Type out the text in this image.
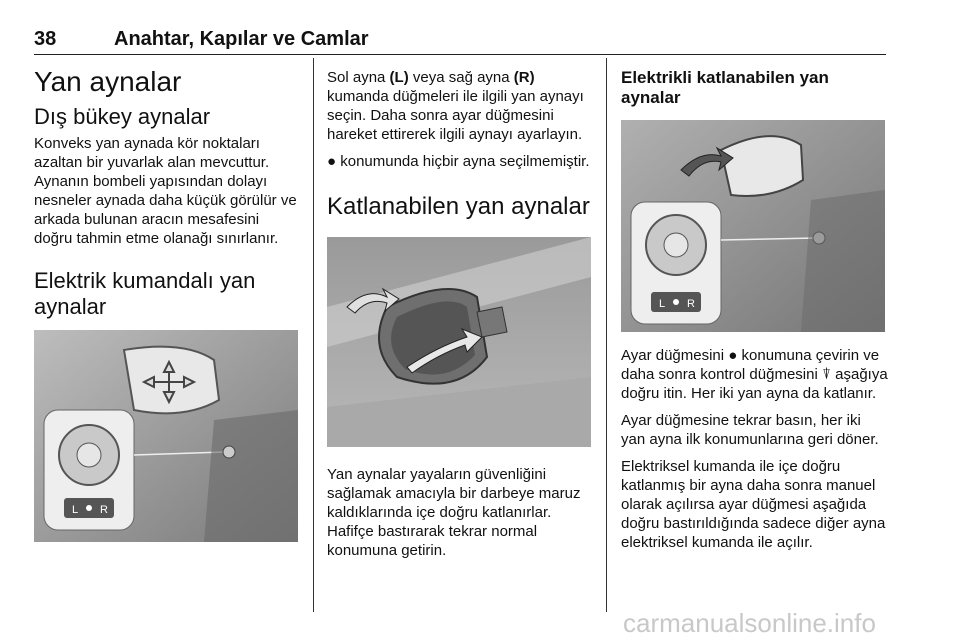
38	Anahtar, Kapılar ve Camlar
Yan aynalar
Dış bükey aynalar

Konveks yan aynada kör noktaları azaltan bir yuvarlak alan mevcuttur. Aynanın bombeli yapısından dolayı nesneler aynada daha küçük görülür ve arkada bulunan aracın mesafesini doğru tahmin etme olanağı sınırlanır.

Elektrik kumandalı yan aynalar
L R

Sol ayna (L) veya sağ ayna (R) kumanda düğmeleri ile ilgili yan aynayı seçin. Daha sonra ayar düğmesini hareket ettirerek ilgili aynayı ayarlayın.

● konumunda hiçbir ayna seçilmemiştir.

Katlanabilen yan aynalar

Yan aynalar yayaların güvenliğini sağlamak amacıyla bir darbeye maruz kaldıklarında içe doğru katlanırlar. Hafifçe bastırarak tekrar normal konumuna getirin.

Elektrikli katlanabilen yan aynalar
L R

Ayar düğmesini ● konumuna çevirin ve daha sonra kontrol düğmesini ⍒ aşağıya doğru itin. Her iki yan ayna da katlanır.

Ayar düğmesine tekrar basın, her iki yan ayna ilk konumunlarına geri döner.

Elektriksel kumanda ile içe doğru katlanmış bir ayna daha sonra manuel olarak açılırsa ayar düğmesi aşağıda doğru bastırıldığında sadece diğer ayna elektriksel kumanda ile açılır.

carmanualsonline.info
